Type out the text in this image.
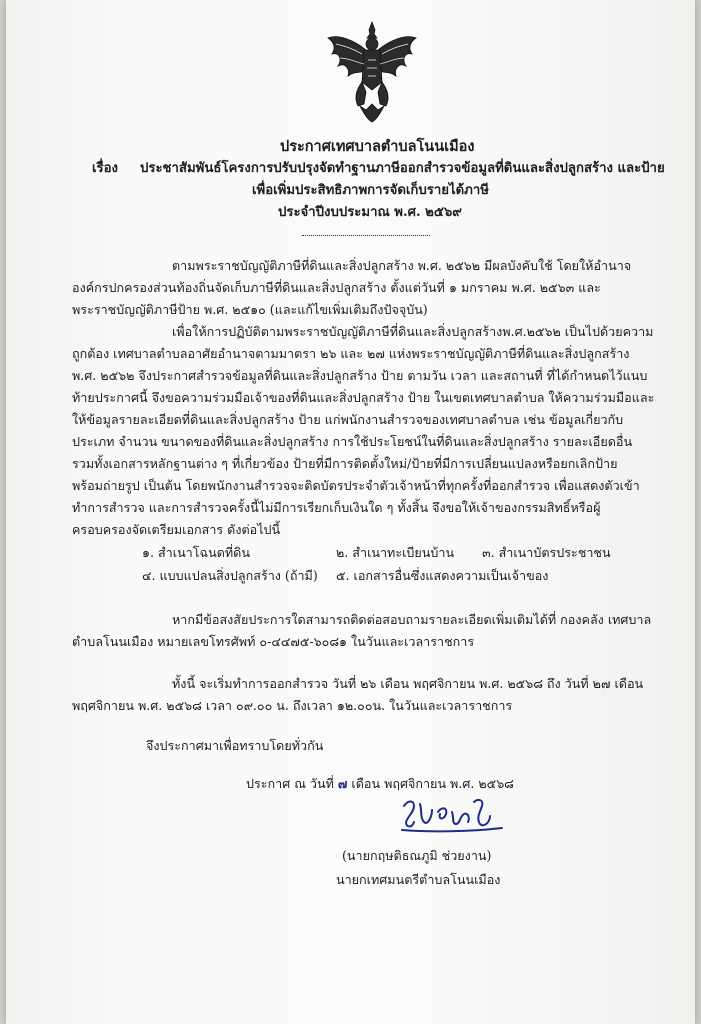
ประกาศเทศบาลตำบลโนนเมือง
เรื่อง ประชาสัมพันธ์โครงการปรับปรุงจัดทำฐานภาษีออกสำรวจข้อมูลที่ดินและสิ่งปลูกสร้าง และป้าย
เพื่อเพิ่มประสิทธิภาพการจัดเก็บรายได้ภาษี
ประจำปีงบประมาณ พ.ศ. ๒๕๖๙
ตามพระราชบัญญัติภาษีที่ดินและสิ่งปลูกสร้าง พ.ศ. ๒๕๖๒ มีผลบังคับใช้ โดยให้อำนาจ
องค์กรปกครองส่วนท้องถิ่นจัดเก็บภาษีที่ดินและสิ่งปลูกสร้าง ตั้งแต่วันที่ ๑ มกราคม พ.ศ. ๒๕๖๓ และ
พระราชบัญญัติภาษีป้าย พ.ศ. ๒๕๑๐ (และแก้ไขเพิ่มเติมถึงปัจจุบัน)
เพื่อให้การปฏิบัติตามพระราชบัญญัติภาษีที่ดินและสิ่งปลูกสร้างพ.ศ.๒๕๖๒ เป็นไปด้วยความ
ถูกต้อง เทศบาลตำบลอาศัยอำนาจตามมาตรา ๒๖ และ ๒๗ แห่งพระราชบัญญัติภาษีที่ดินและสิ่งปลูกสร้าง
พ.ศ. ๒๕๖๒ จึงประกาศสำรวจข้อมูลที่ดินและสิ่งปลูกสร้าง ป้าย ตามวัน เวลา และสถานที่ ที่ได้กำหนดไว้แนบ
ท้ายประกาศนี้ จึงขอความร่วมมือเจ้าของที่ดินและสิ่งปลูกสร้าง ป้าย ในเขตเทศบาลตำบล ให้ความร่วมมือและ
ให้ข้อมูลรายละเอียดที่ดินและสิ่งปลูกสร้าง ป้าย แก่พนักงานสำรวจของเทศบาลตำบล เช่น ข้อมูลเกี่ยวกับ
ประเภท จำนวน ขนาดของที่ดินและสิ่งปลูกสร้าง การใช้ประโยชน์ในที่ดินและสิ่งปลูกสร้าง รายละเอียดอื่น
รวมทั้งเอกสารหลักฐานต่าง ๆ ที่เกี่ยวข้อง ป้ายที่มีการติดตั้งใหม่/ป้ายที่มีการเปลี่ยนแปลงหรือยกเลิกป้าย
พร้อมถ่ายรูป เป็นต้น โดยพนักงานสำรวจจะติดบัตรประจำตัวเจ้าหน้าที่ทุกครั้งที่ออกสำรวจ เพื่อแสดงตัวเข้า
ทำการสำรวจ และการสำรวจครั้งนี้ไม่มีการเรียกเก็บเงินใด ๆ ทั้งสิ้น จึงขอให้เจ้าของกรรมสิทธิ์หรือผู้
ครอบครองจัดเตรียมเอกสาร ดังต่อไปนี้
๑. สำเนาโฉนดที่ดิน	๒. สำเนาทะเบียนบ้าน ๓. สำเนาบัตรประชาชน
๔. แบบแปลนสิ่งปลูกสร้าง (ถ้ามี) ๕. เอกสารอื่นซึ่งแสดงความเป็นเจ้าของ
หากมีข้อสงสัยประการใดสามารถติดต่อสอบถามรายละเอียดเพิ่มเติมได้ที่ กองคลัง เทศบาล
ตำบลโนนเมือง หมายเลขโทรศัพท์ ๐-๔๔๗๕-๖๐๘๑ ในวันและเวลาราชการ
ทั้งนี้ จะเริ่มทำการออกสำรวจ วันที่ ๒๖ เดือน พฤศจิกายน พ.ศ. ๒๕๖๘ ถึง วันที่ ๒๗ เดือน
พฤศจิกายน พ.ศ. ๒๕๖๘ เวลา ๐๙.๐๐ น. ถึงเวลา ๑๒.๐๐น. ในวันและเวลาราชการ
จึงประกาศมาเพื่อทราบโดยทั่วกัน
ประกาศ ณ วันที่ ๗ เดือน พฤศจิกายน พ.ศ. ๒๕๖๘
(นายกฤษติธณภูมิ ช่วยงาน)
นายกเทศมนตรีตำบลโนนเมือง
